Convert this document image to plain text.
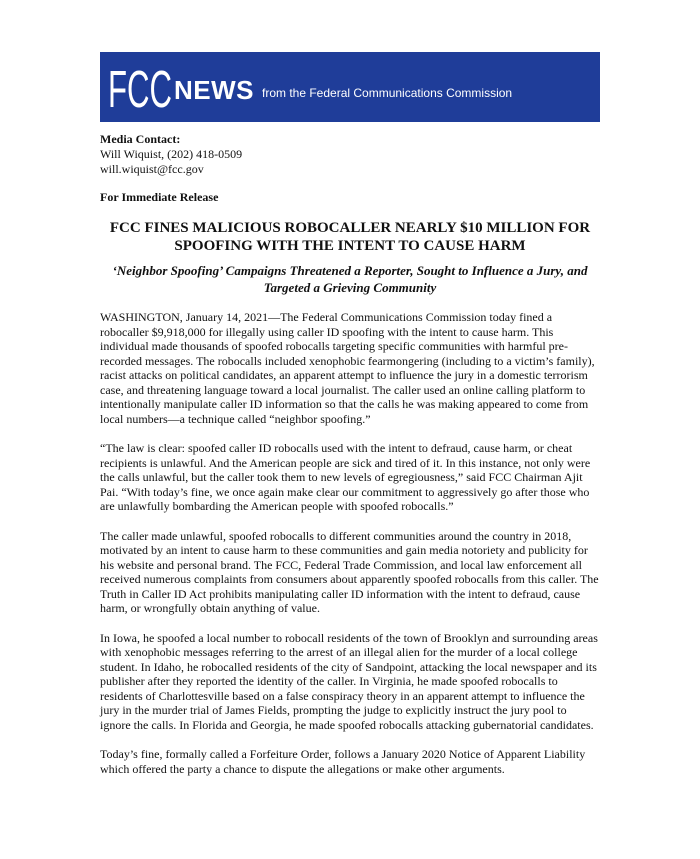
FCC NEWS from the Federal Communications Commission
Media Contact:
Will Wiquist, (202) 418-0509
will.wiquist@fcc.gov
For Immediate Release
FCC FINES MALICIOUS ROBOCALLER NEARLY $10 MILLION FOR SPOOFING WITH THE INTENT TO CAUSE HARM
‘Neighbor Spoofing’ Campaigns Threatened a Reporter, Sought to Influence a Jury, and Targeted a Grieving Community

WASHINGTON, January 14, 2021—The Federal Communications Commission today fined a robocaller $9,918,000 for illegally using caller ID spoofing with the intent to cause harm. This individual made thousands of spoofed robocalls targeting specific communities with harmful pre-recorded messages. The robocalls included xenophobic fearmongering (including to a victim’s family), racist attacks on political candidates, an apparent attempt to influence the jury in a domestic terrorism case, and threatening language toward a local journalist. The caller used an online calling platform to intentionally manipulate caller ID information so that the calls he was making appeared to come from local numbers—a technique called “neighbor spoofing.”

“The law is clear: spoofed caller ID robocalls used with the intent to defraud, cause harm, or cheat recipients is unlawful. And the American people are sick and tired of it. In this instance, not only were the calls unlawful, but the caller took them to new levels of egregiousness,” said FCC Chairman Ajit Pai. “With today’s fine, we once again make clear our commitment to aggressively go after those who are unlawfully bombarding the American people with spoofed robocalls.”

The caller made unlawful, spoofed robocalls to different communities around the country in 2018, motivated by an intent to cause harm to these communities and gain media notoriety and publicity for his website and personal brand. The FCC, Federal Trade Commission, and local law enforcement all received numerous complaints from consumers about apparently spoofed robocalls from this caller. The Truth in Caller ID Act prohibits manipulating caller ID information with the intent to defraud, cause harm, or wrongfully obtain anything of value.

In Iowa, he spoofed a local number to robocall residents of the town of Brooklyn and surrounding areas with xenophobic messages referring to the arrest of an illegal alien for the murder of a local college student. In Idaho, he robocalled residents of the city of Sandpoint, attacking the local newspaper and its publisher after they reported the identity of the caller. In Virginia, he made spoofed robocalls to residents of Charlottesville based on a false conspiracy theory in an apparent attempt to influence the jury in the murder trial of James Fields, prompting the judge to explicitly instruct the jury pool to ignore the calls. In Florida and Georgia, he made spoofed robocalls attacking gubernatorial candidates.

Today’s fine, formally called a Forfeiture Order, follows a January 2020 Notice of Apparent Liability which offered the party a chance to dispute the allegations or make other arguments.
